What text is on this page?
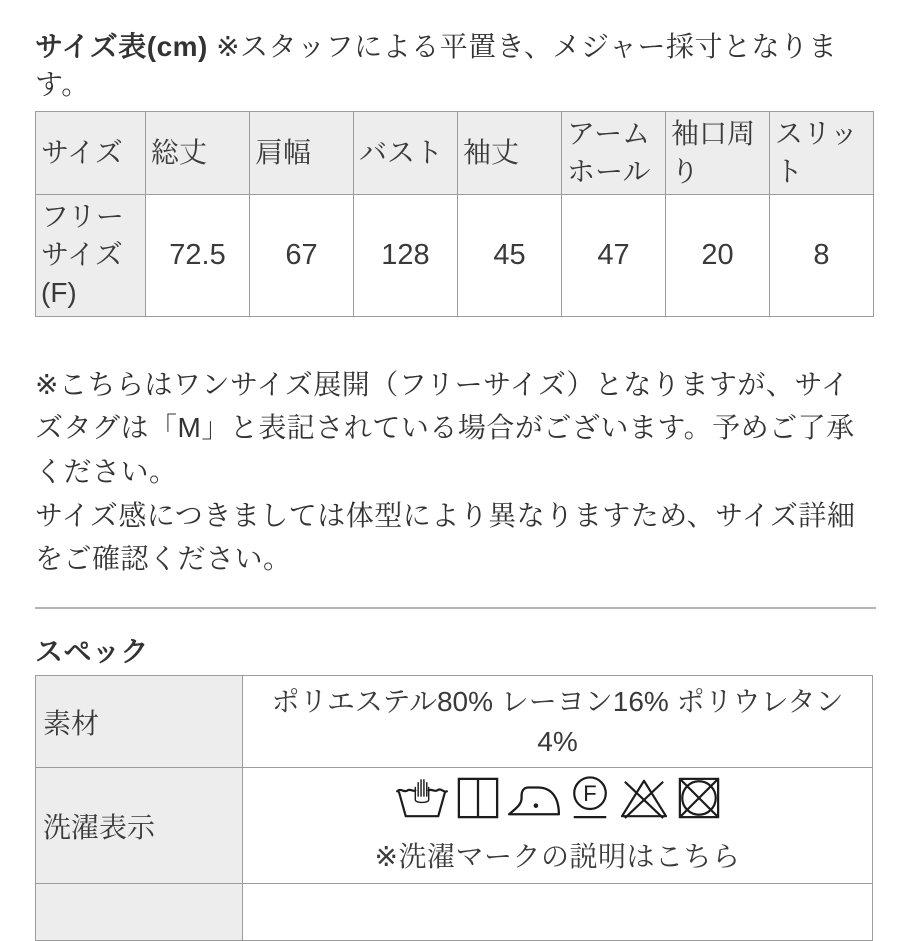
サイズ表(cm) ※スタッフによる平置き、メジャー採寸となります。

サイズ	総丈	肩幅	バスト	袖丈	アームホール	袖口周り	スリット
フリーサイズ(F)	72.5	67	128	45	47	20	8

※こちらはワンサイズ展開（フリーサイズ）となりますが、サイズタグは「M」と表記されている場合がございます。予めご了承ください。

サイズ感につきましては体型により異なりますため、サイズ詳細をご確認ください。

スペック

素材	ポリエステル80% レーヨン16% ポリウレタン 4%
洗濯表示	F
※洗濯マークの説明はこちら
